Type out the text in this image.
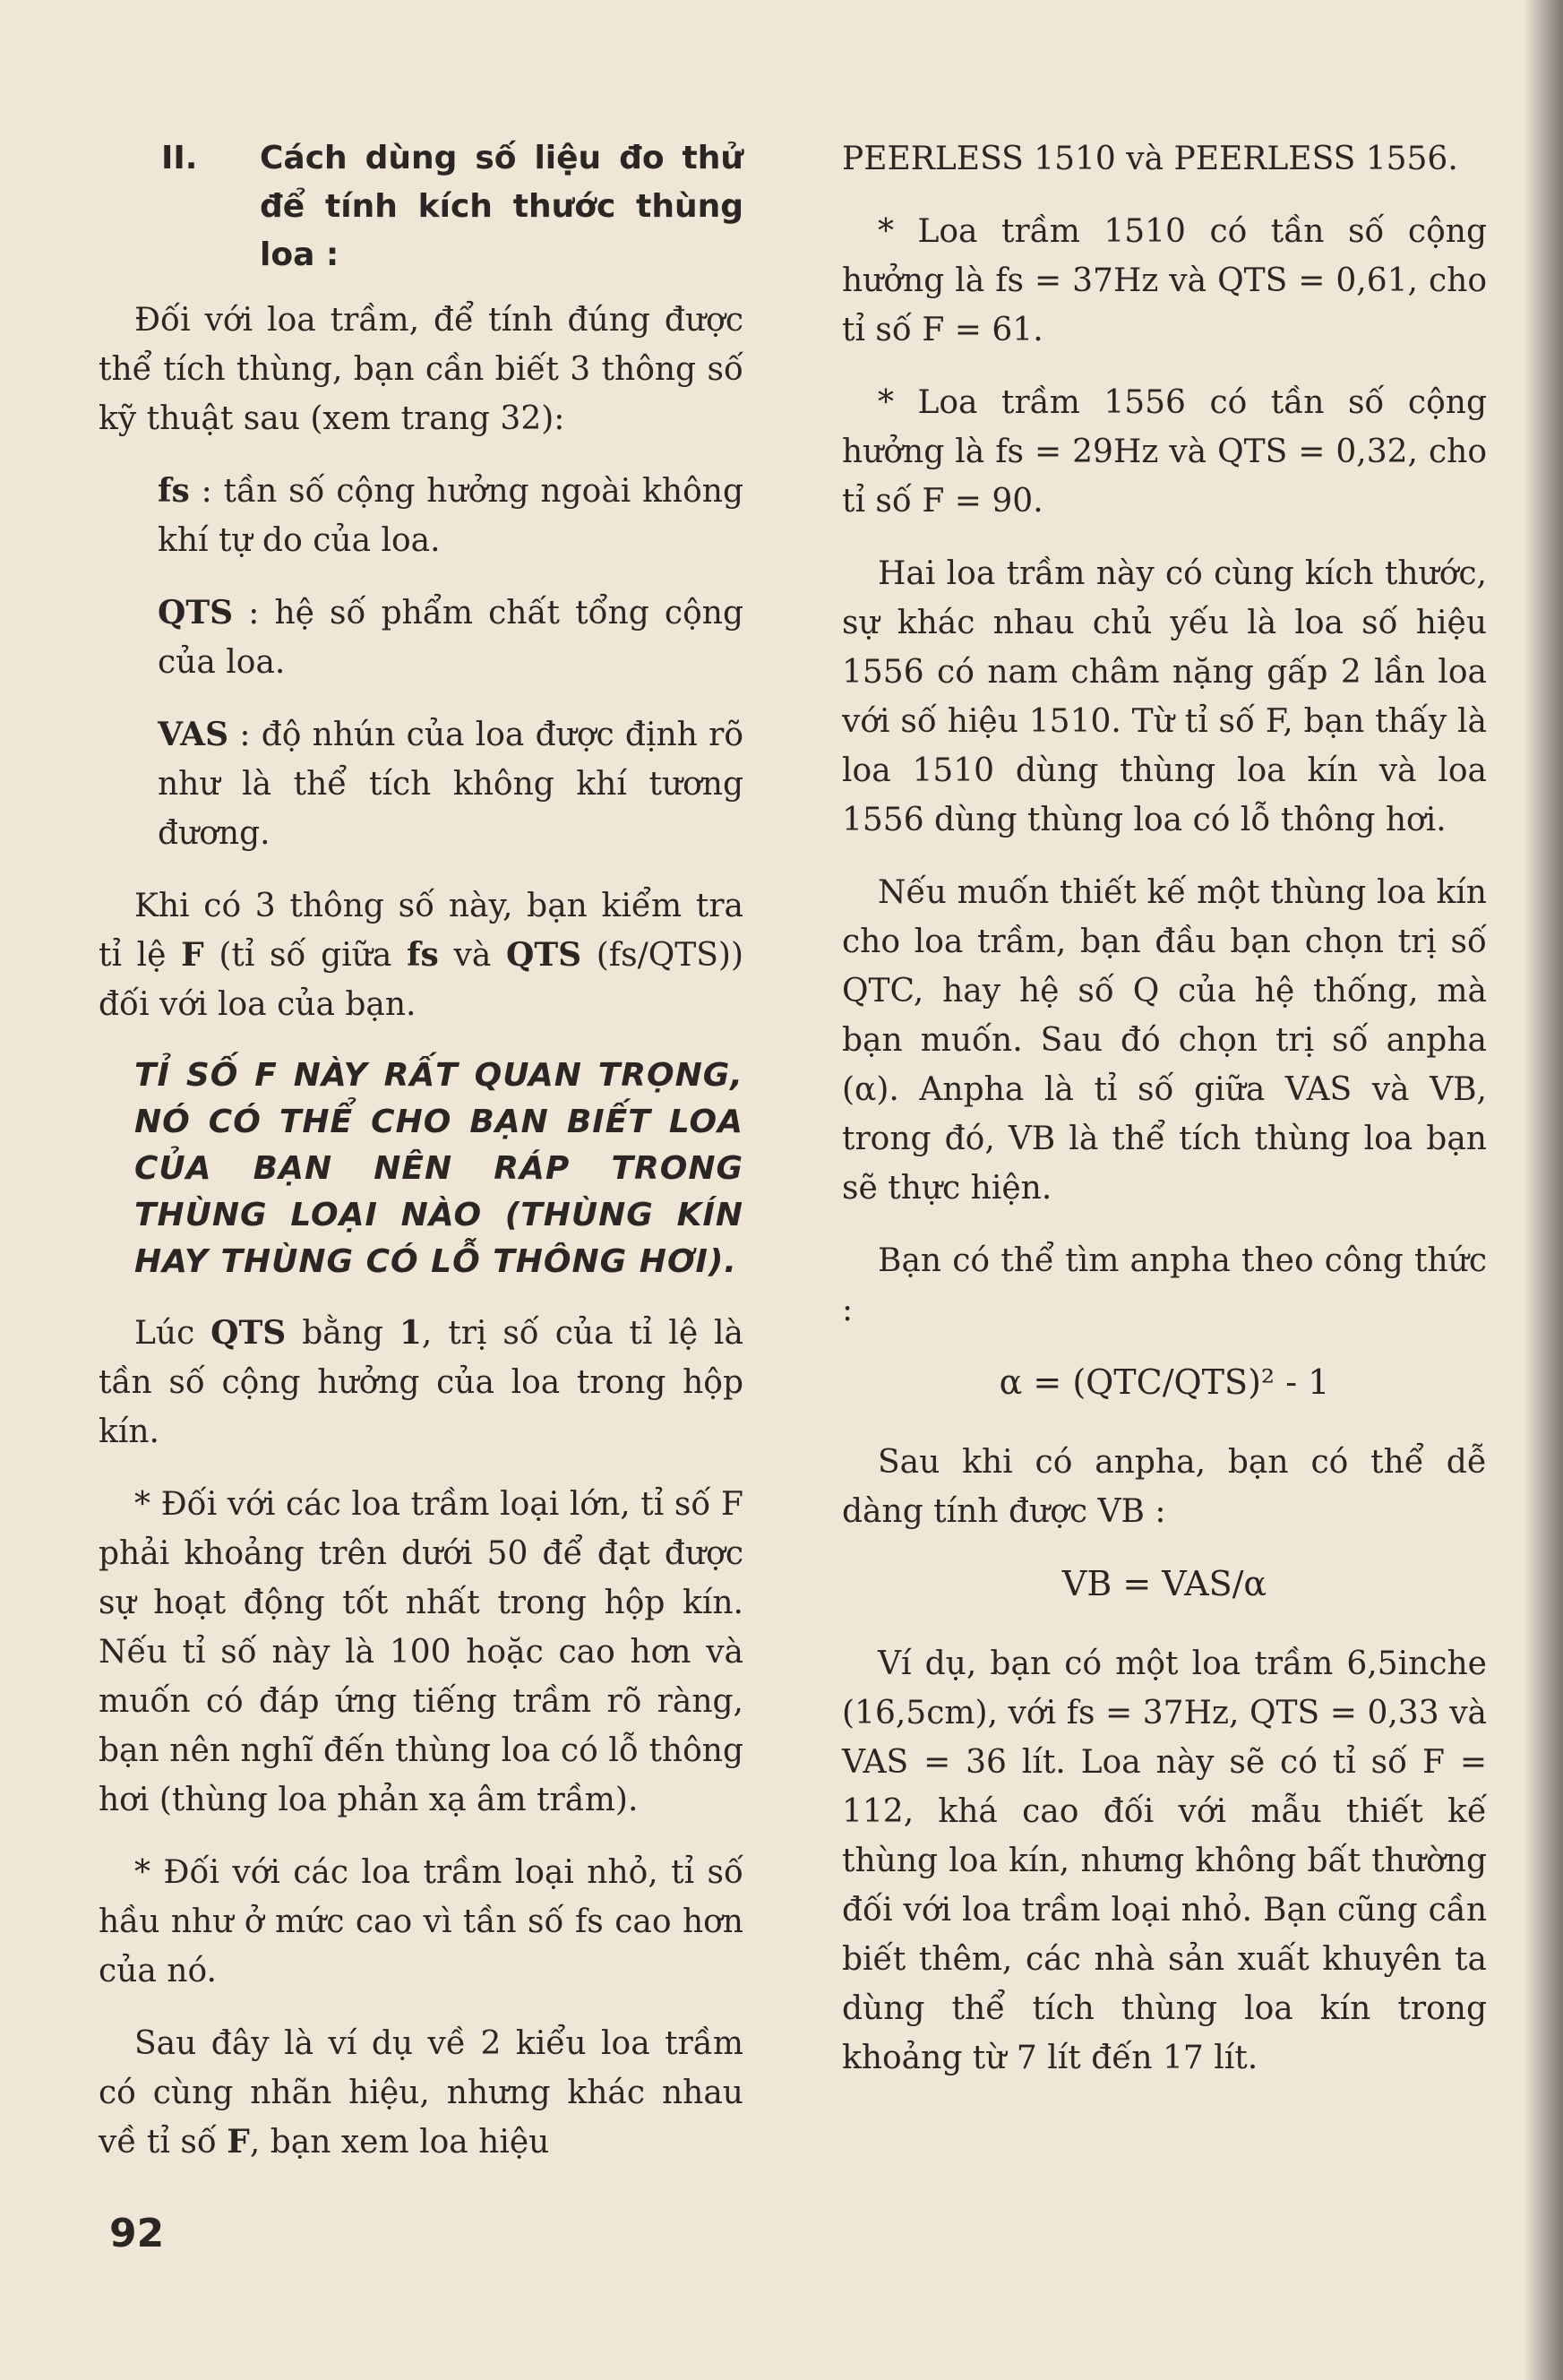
II.	Cách dùng số liệu đo thử để tính kích thước thùng loa :

Đối với loa trầm, để tính đúng được thể tích thùng, bạn cần biết 3 thông số kỹ thuật sau (xem trang 32):

fs : tần số cộng hưởng ngoài không khí tự do của loa.

QTS : hệ số phẩm chất tổng cộng của loa.

VAS : độ nhún của loa được định rõ như là thể tích không khí tương đương.

Khi có 3 thông số này, bạn kiểm tra tỉ lệ F (tỉ số giữa fs và QTS (fs/QTS)) đối với loa của bạn.

TỈ SỐ F NÀY RẤT QUAN TRỌNG, NÓ CÓ THỂ CHO BẠN BIẾT LOA CỦA BẠN NÊN RÁP TRONG THÙNG LOẠI NÀO (THÙNG KÍN HAY THÙNG CÓ LỖ THÔNG HƠI).

Lúc QTS bằng 1, trị số của tỉ lệ là tần số cộng hưởng của loa trong hộp kín.

* Đối với các loa trầm loại lớn, tỉ số F phải khoảng trên dưới 50 để đạt được sự hoạt động tốt nhất trong hộp kín. Nếu tỉ số này là 100 hoặc cao hơn và muốn có đáp ứng tiếng trầm rõ ràng, bạn nên nghĩ đến thùng loa có lỗ thông hơi (thùng loa phản xạ âm trầm).

* Đối với các loa trầm loại nhỏ, tỉ số hầu như ở mức cao vì tần số fs cao hơn của nó.

Sau đây là ví dụ về 2 kiểu loa trầm có cùng nhãn hiệu, nhưng khác nhau về tỉ số F, bạn xem loa hiệu

PEERLESS 1510 và PEERLESS 1556.

* Loa trầm 1510 có tần số cộng hưởng là fs = 37Hz và QTS = 0,61, cho tỉ số F = 61.

* Loa trầm 1556 có tần số cộng hưởng là fs = 29Hz và QTS = 0,32, cho tỉ số F = 90.

Hai loa trầm này có cùng kích thước, sự khác nhau chủ yếu là loa số hiệu 1556 có nam châm nặng gấp 2 lần loa với số hiệu 1510. Từ tỉ số F, bạn thấy là loa 1510 dùng thùng loa kín và loa 1556 dùng thùng loa có lỗ thông hơi.

Nếu muốn thiết kế một thùng loa kín cho loa trầm, bạn đầu bạn chọn trị số QTC, hay hệ số Q của hệ thống, mà bạn muốn. Sau đó chọn trị số anpha (α). Anpha là tỉ số giữa VAS và VB, trong đó, VB là thể tích thùng loa bạn sẽ thực hiện.

Bạn có thể tìm anpha theo công thức :

α = (QTC/QTS)² - 1

Sau khi có anpha, bạn có thể dễ dàng tính được VB :

VB = VAS/α

Ví dụ, bạn có một loa trầm 6,5inche (16,5cm), với fs = 37Hz, QTS = 0,33 và VAS = 36 lít. Loa này sẽ có tỉ số F = 112, khá cao đối với mẫu thiết kế thùng loa kín, nhưng không bất thường đối với loa trầm loại nhỏ. Bạn cũng cần biết thêm, các nhà sản xuất khuyên ta dùng thể tích thùng loa kín trong khoảng từ 7 lít đến 17 lít.

92
